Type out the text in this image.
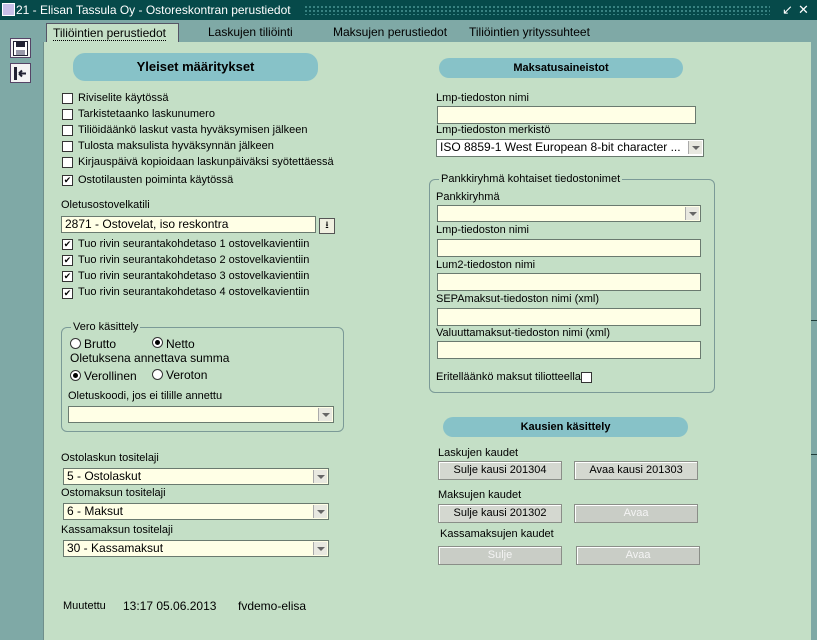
21 - Elisan Tassula Oy - Ostoreskontran perustiedot	↙ ✕
Tiliöintien perustiedot	Laskujen tiliöinti	Maksujen perustiedot Tiliöintien yrityssuhteet
Yleiset määritykset
Riviselite käytössä
Tarkistetaanko laskunumero
Tiliöidäänkö laskut vasta hyväksymisen jälkeen
Tulosta maksulista hyväksynnän jälkeen
Kirjauspäivä kopioidaan laskunpäiväksi syötettäessä
✔
Ostotilausten poiminta käytössä
Oletusostovelkatili
2871 - Ostovelat, iso reskontra	⭳
✔
Tuo rivin seurantakohdetaso 1 ostovelkavientiin
✔
Tuo rivin seurantakohdetaso 2 ostovelkavientiin
✔
Tuo rivin seurantakohdetaso 3 ostovelkavientiin
✔
Tuo rivin seurantakohdetaso 4 ostovelkavientiin
Vero käsittely
Brutto	Netto
Oletuksena annettava summa
Verollinen Veroton
Oletuskoodi, jos ei tilille annettu
Ostolaskun tositelaji
5 - Ostolaskut
Ostomaksun tositelaji
6 - Maksut
Kassamaksun tositelaji
30 - Kassamaksut
Muutettu 13:17 05.06.2013 fvdemo-elisa
Maksatusaineistot
Lmp-tiedoston nimi
Lmp-tiedoston merkistö
ISO 8859-1 West European 8-bit character ...
Pankkiryhmä kohtaiset tiedostonimet
Pankkiryhmä
Lmp-tiedoston nimi
Lum2-tiedoston nimi
SEPAmaksut-tiedoston nimi (xml)
Valuuttamaksut-tiedoston nimi (xml)
Eritelläänkö maksut tiliotteella
Kausien käsittely
Laskujen kaudet
Sulje kausi 201304	Avaa kausi 201303
Maksujen kaudet
Sulje kausi 201302	Avaa
Kassamaksujen kaudet
Sulje	Avaa
